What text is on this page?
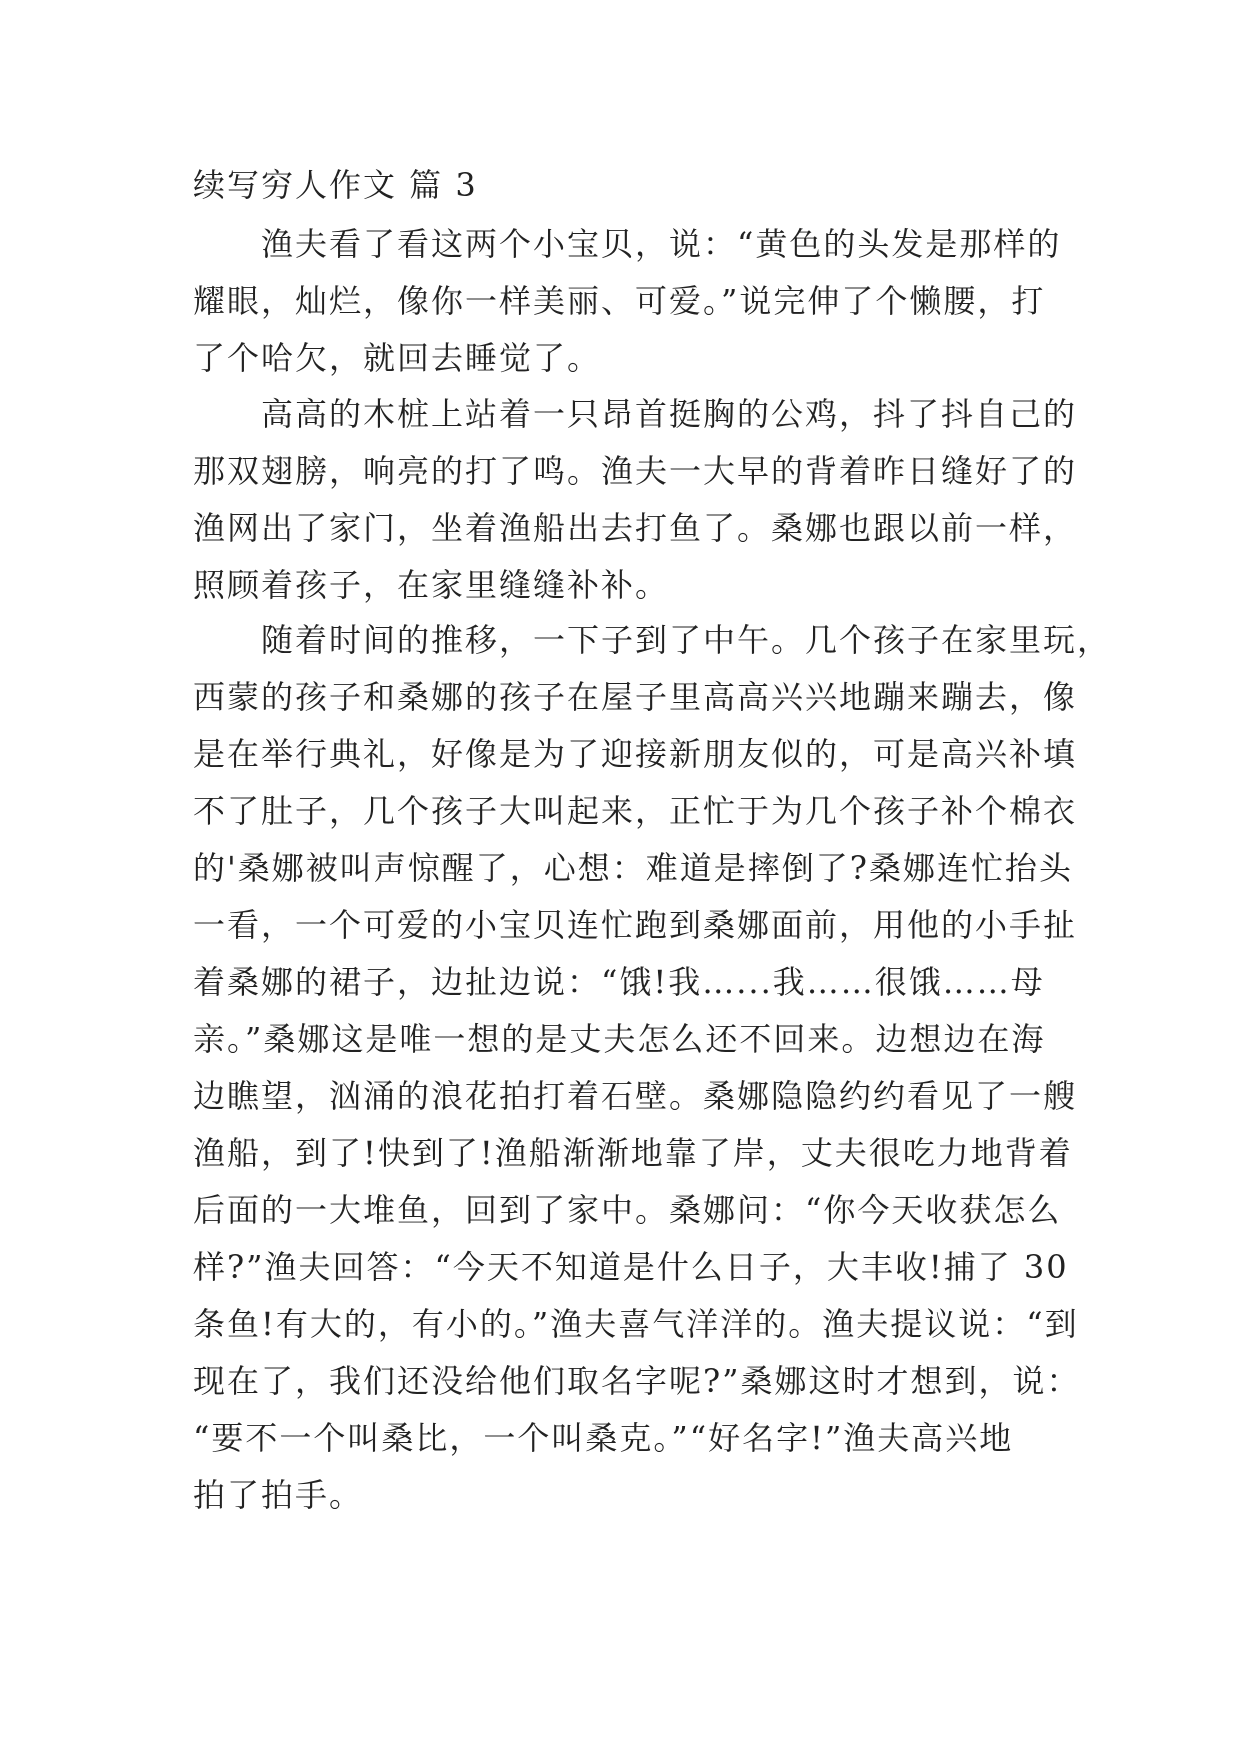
续写穷人作文 篇 3
　　渔夫看了看这两个小宝贝，说：“黄色的头发是那样的
耀眼，灿烂，像你一样美丽、可爱。”说完伸了个懒腰，打
了个哈欠，就回去睡觉了。
　　高高的木桩上站着一只昂首挺胸的公鸡，抖了抖自己的
那双翅膀，响亮的打了鸣。渔夫一大早的背着昨日缝好了的
渔网出了家门，坐着渔船出去打鱼了。桑娜也跟以前一样，
照顾着孩子，在家里缝缝补补。
　　随着时间的推移，一下子到了中午。几个孩子在家里玩，
西蒙的孩子和桑娜的孩子在屋子里高高兴兴地蹦来蹦去，像
是在举行典礼，好像是为了迎接新朋友似的，可是高兴补填
不了肚子，几个孩子大叫起来，正忙于为几个孩子补个棉衣
的'桑娜被叫声惊醒了，心想：难道是摔倒了?桑娜连忙抬头
一看，一个可爱的小宝贝连忙跑到桑娜面前，用他的小手扯
着桑娜的裙子，边扯边说：“饿!我…...我……很饿……母
亲。”桑娜这是唯一想的是丈夫怎么还不回来。边想边在海
边瞧望，汹涌的浪花拍打着石壁。桑娜隐隐约约看见了一艘
渔船，到了!快到了!渔船渐渐地靠了岸，丈夫很吃力地背着
后面的一大堆鱼，回到了家中。桑娜问：“你今天收获怎么
样?”渔夫回答：“今天不知道是什么日子，大丰收!捕了 30
条鱼!有大的，有小的。”渔夫喜气洋洋的。渔夫提议说：“到
现在了，我们还没给他们取名字呢?”桑娜这时才想到，说：
“要不一个叫桑比，一个叫桑克。”“好名字!”渔夫高兴地
拍了拍手。
